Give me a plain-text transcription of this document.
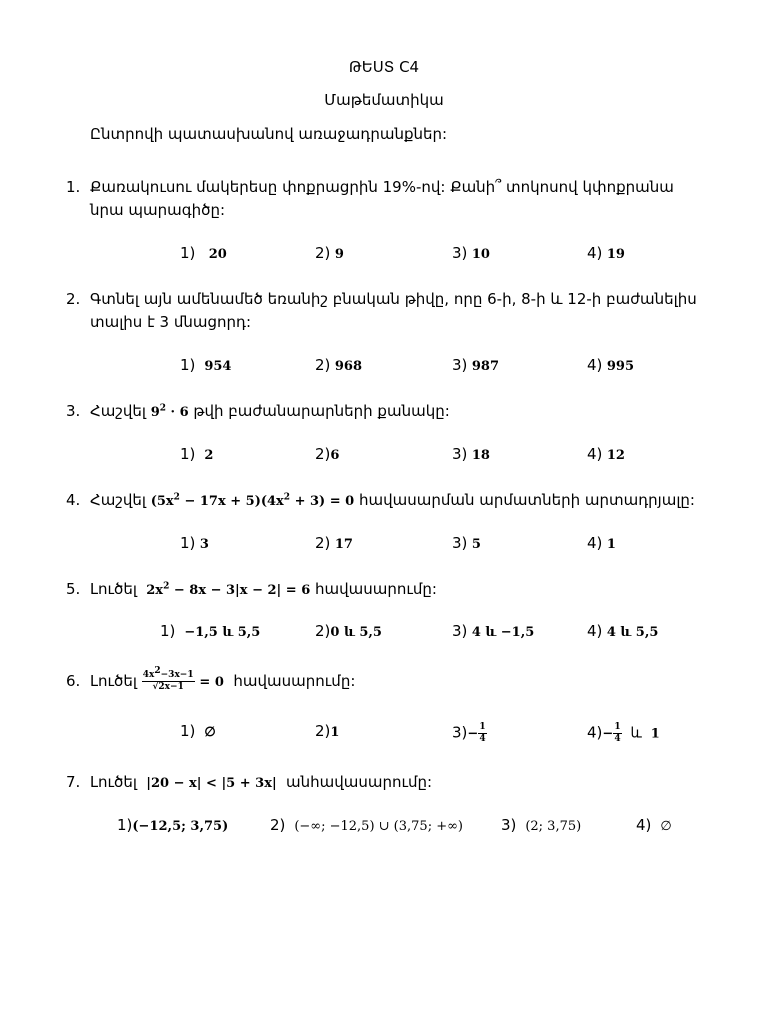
ԹԵՍՏ C4
Մաթեմատիկա
Ընտրովի պատասխանով առաջադրանքներ:
1. Քառակուսու մակերեսը փոքրացրին 19%-ով: Քանի՞ տոկոսով կփոքրանա նրա պարագիծը:
1) 20	2) 9	3) 10	4) 19
2. Գտնել այն ամենամեծ եռանիշ բնական թիվը, որը 6-ի, 8-ի և 12-ի բաժանելիս տալիս է 3 մնացորդ:
1) 954	2) 968	3) 987	4) 995
3. Հաշվել $9^2 \cdot 6$ թվի բաժանարարների քանակը:
1) 2	2)6	3) 18	4) 12
4. Հաշվել $(5x^2 - 17x + 5)(4x^2 + 3) = 0$ հավասարման արմատների արտադրյալը:
1) 3	2) 17	3) 5	4) 1
5. Լուծել  $2x^2 - 8x - 3|x - 2| = 6$ հավասարումը:
1) −1,5 և 5,5	2)0 և 5,5	3) 4 և −1,5	4) 4 և 5,5
6. Լուծել $\frac{4x^2-3x-1}{√2x-1} = 0$ հավասարումը:
1) ∅	2)1	$3)- \frac{1}{4}$	$4)- \frac{1}{4}$ և 1
7. Լուծել  |20 − x| < |5 + 3x|  անհավասարումը:
1)(−12,5; 3,75)	2) (−∞; −12,5) ∪ (3,75; +∞)	3) (2; 3,75)	4) ∅
